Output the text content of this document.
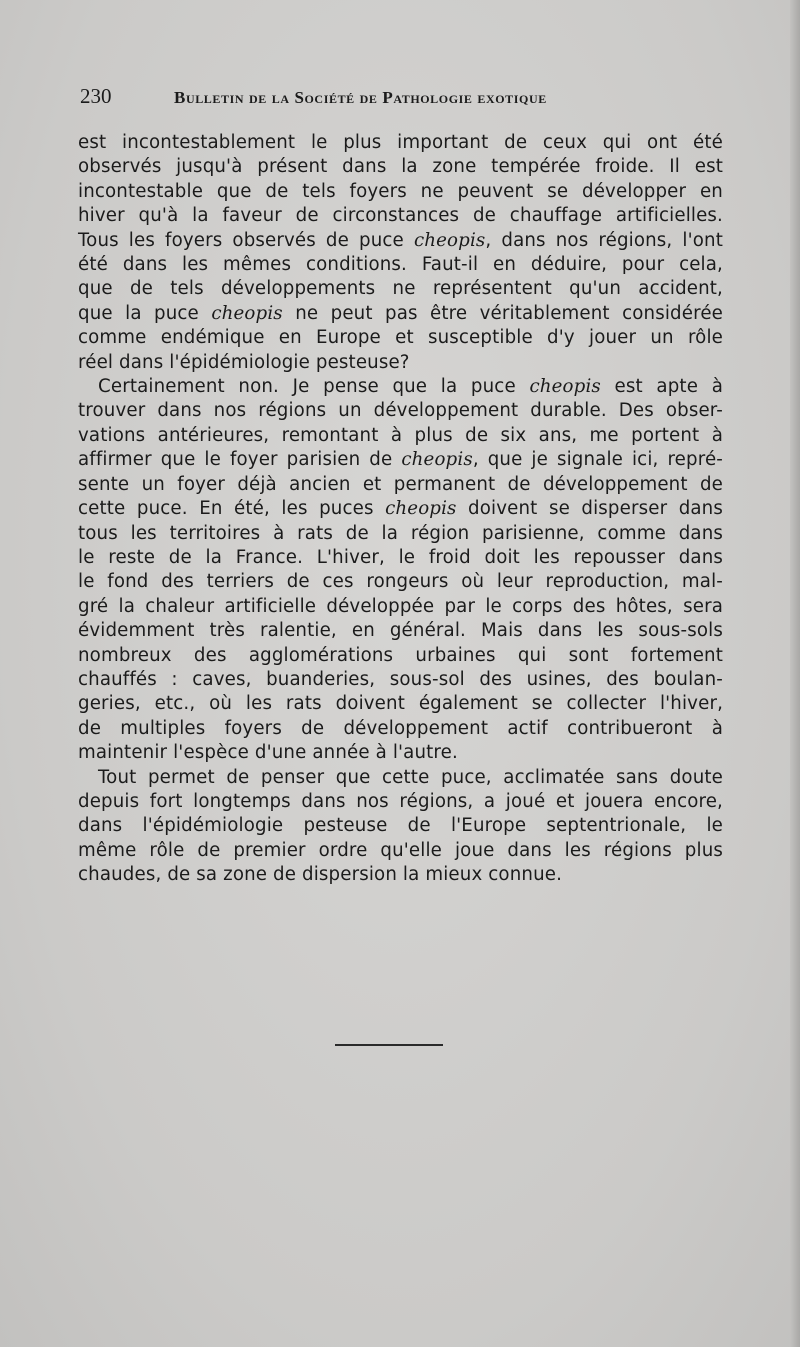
230	Bulletin de la Société de Pathologie exotique

est incontestablement le plus important de ceux qui ont été
observés jusqu'à présent dans la zone tempérée froide. Il est
incontestable que de tels foyers ne peuvent se développer en
hiver qu'à la faveur de circonstances de chauffage artificielles.
Tous les foyers observés de puce cheopis, dans nos régions, l'ont
été dans les mêmes conditions. Faut-il en déduire, pour cela,
que de tels développements ne représentent qu'un accident,
que la puce cheopis ne peut pas être véritablement considérée
comme endémique en Europe et susceptible d'y jouer un rôle
réel dans l'épidémiologie pesteuse?

Certainement non. Je pense que la puce cheopis est apte à
trouver dans nos régions un développement durable. Des obser-
vations antérieures, remontant à plus de six ans, me portent à
affirmer que le foyer parisien de cheopis, que je signale ici, repré-
sente un foyer déjà ancien et permanent de développement de
cette puce. En été, les puces cheopis doivent se disperser dans
tous les territoires à rats de la région parisienne, comme dans
le reste de la France. L'hiver, le froid doit les repousser dans
le fond des terriers de ces rongeurs où leur reproduction, mal-
gré la chaleur artificielle développée par le corps des hôtes, sera
évidemment très ralentie, en général. Mais dans les sous-sols
nombreux des agglomérations urbaines qui sont fortement
chauffés : caves, buanderies, sous-sol des usines, des boulan-
geries, etc., où les rats doivent également se collecter l'hiver,
de multiples foyers de développement actif contribueront à
maintenir l'espèce d'une année à l'autre.

Tout permet de penser que cette puce, acclimatée sans doute
depuis fort longtemps dans nos régions, a joué et jouera encore,
dans l'épidémiologie pesteuse de l'Europe septentrionale, le
même rôle de premier ordre qu'elle joue dans les régions plus
chaudes, de sa zone de dispersion la mieux connue.
